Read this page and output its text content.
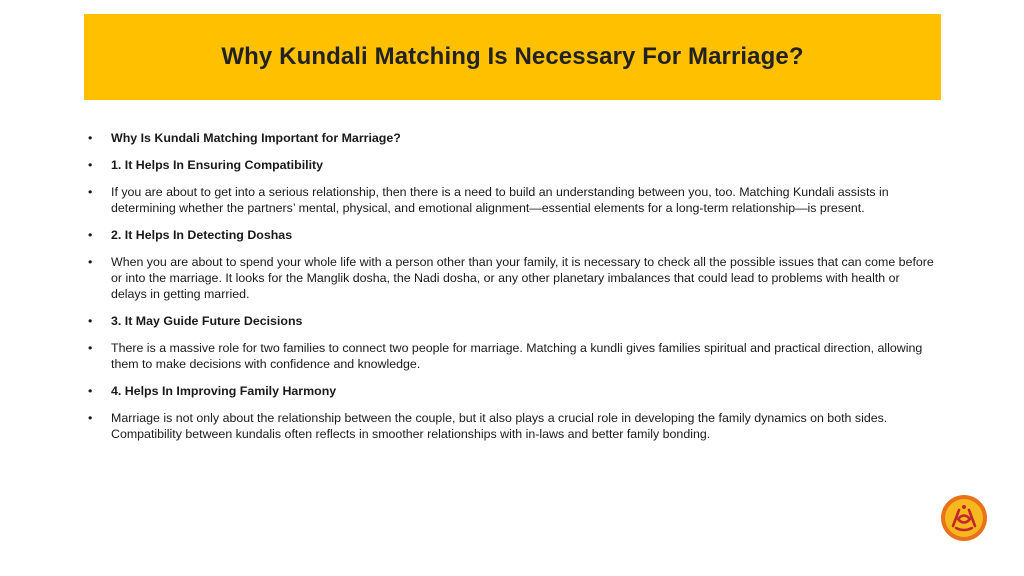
Why Kundali Matching Is Necessary For Marriage?
• Why Is Kundali Matching Important for Marriage?
• 1. It Helps In Ensuring Compatibility
• If you are about to get into a serious relationship, then there is a need to build an understanding between you, too. Matching Kundali assists in determining whether the partners’ mental, physical, and emotional alignment—essential elements for a long-term relationship—is present.
• 2. It Helps In Detecting Doshas
• When you are about to spend your whole life with a person other than your family, it is necessary to check all the possible issues that can come before or into the marriage. It looks for the Manglik dosha, the Nadi dosha, or any other planetary imbalances that could lead to problems with health or delays in getting married.
• 3. It May Guide Future Decisions
• There is a massive role for two families to connect two people for marriage. Matching a kundli gives families spiritual and practical direction, allowing them to make decisions with confidence and knowledge.
• 4. Helps In Improving Family Harmony
• Marriage is not only about the relationship between the couple, but it also plays a crucial role in developing the family dynamics on both sides. Compatibility between kundalis often reflects in smoother relationships with in-laws and better family bonding.
